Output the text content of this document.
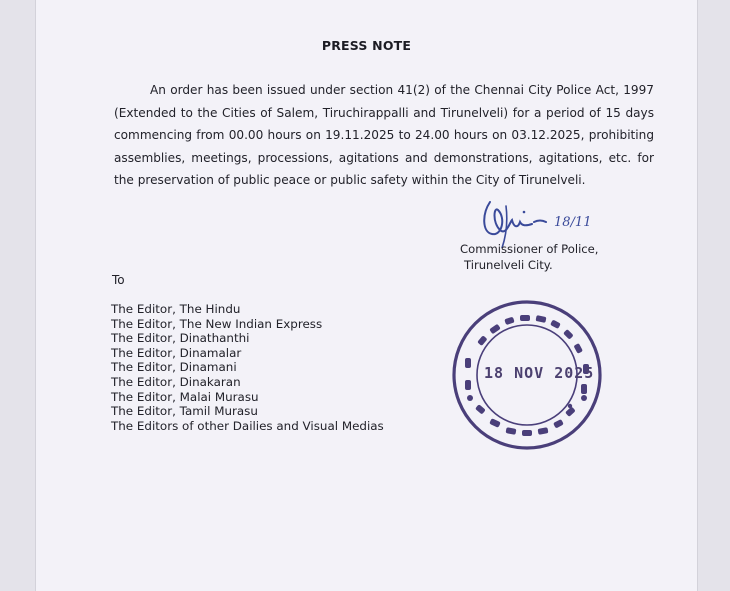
PRESS NOTE
An order has been issued under section 41(2) of the Chennai City Police Act, 1997 (Extended to the Cities of Salem, Tiruchirappalli and Tirunelveli) for a period of 15 days commencing from 00.00 hours on 19.11.2025 to 24.00 hours on 03.12.2025, prohibiting assemblies, meetings, processions, agitations and demonstrations, agitations, etc. for the preservation of public peace or public safety within the City of Tirunelveli.
18/11
Commissioner of Police,
Tirunelveli City.
To
The Editor, The Hindu
The Editor, The New Indian Express
The Editor, Dinathanthi
The Editor, Dinamalar
The Editor, Dinamani
The Editor, Dinakaran
The Editor, Malai Murasu
The Editor, Tamil Murasu
The Editors of other Dailies and Visual Medias
18 NOV 2025
